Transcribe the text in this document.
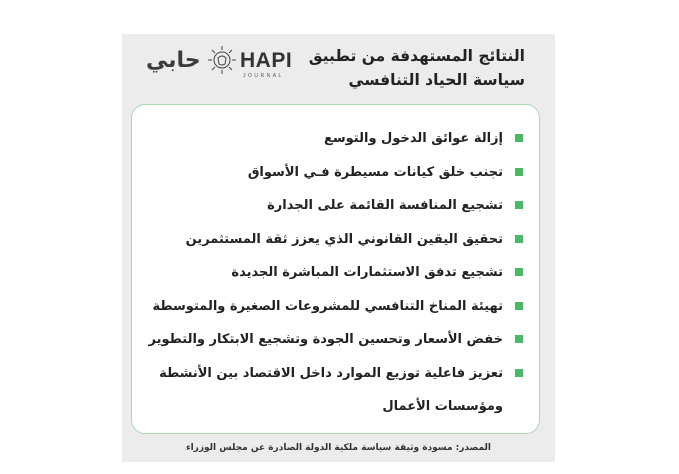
النتائج المستهدفة من تطبيق
سياسة الحياد التنافسي
حابي HAPI
JOURNAL
إزالة عوائق الدخول والتوسع
تجنب خلق كيانات مسيطرة فـي الأسواق
تشجيع المنافسة القائمة على الجدارة
تحقيق اليقين القانوني الذي يعزز ثقة المستثمرين
تشجيع تدفق الاستثمارات المباشرة الجديدة
تهيئة المناخ التنافسي للمشروعات الصغيرة والمتوسطة
خفض الأسعار وتحسين الجودة وتشجيع الابتكار والتطوير
تعزيز فاعلية توزيع الموارد داخل الاقتصاد بين الأنشطة ومؤسسات الأعمال
المصدر: مسودة وثيقة سياسة ملكية الدولة الصادرة عن مجلس الوزراء
